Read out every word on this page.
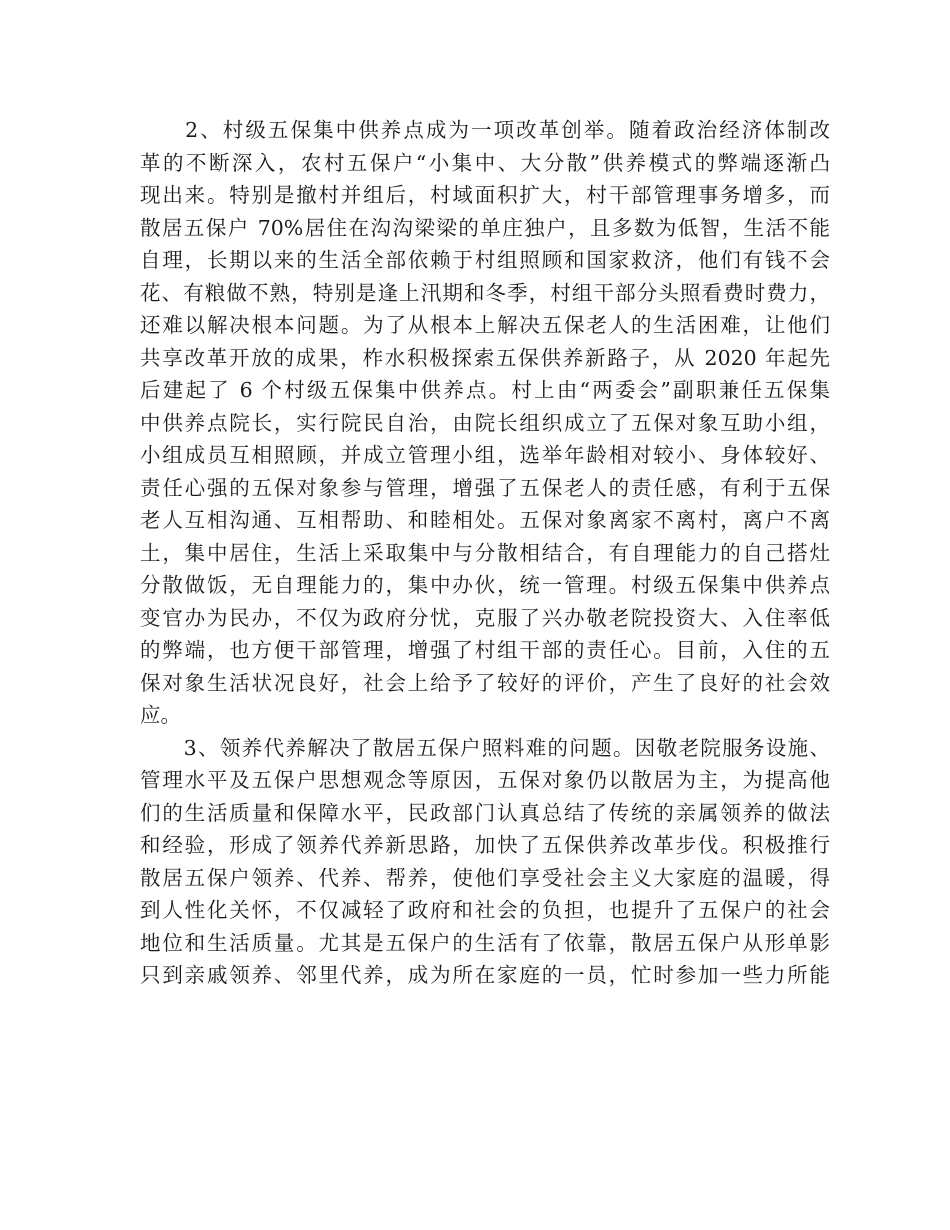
　　2、村级五保集中供养点成为一项改革创举。随着政治经济体制改
革的不断深入，农村五保户“小集中、大分散”供养模式的弊端逐渐凸
现出来。特别是撤村并组后，村域面积扩大，村干部管理事务增多，而
散居五保户 70%居住在沟沟梁梁的单庄独户，且多数为低智，生活不能
自理，长期以来的生活全部依赖于村组照顾和国家救济，他们有钱不会
花、有粮做不熟，特别是逢上汛期和冬季，村组干部分头照看费时费力，
还难以解决根本问题。为了从根本上解决五保老人的生活困难，让他们
共享改革开放的成果，柞水积极探索五保供养新路子，从 2020 年起先
后建起了 6 个村级五保集中供养点。村上由“两委会”副职兼任五保集
中供养点院长，实行院民自治，由院长组织成立了五保对象互助小组，
小组成员互相照顾，并成立管理小组，选举年龄相对较小、身体较好、
责任心强的五保对象参与管理，增强了五保老人的责任感，有利于五保
老人互相沟通、互相帮助、和睦相处。五保对象离家不离村，离户不离
土，集中居住，生活上采取集中与分散相结合，有自理能力的自己搭灶
分散做饭，无自理能力的，集中办伙，统一管理。村级五保集中供养点
变官办为民办，不仅为政府分忧，克服了兴办敬老院投资大、入住率低
的弊端，也方便干部管理，增强了村组干部的责任心。目前，入住的五
保对象生活状况良好，社会上给予了较好的评价，产生了良好的社会效
应。
　　3、领养代养解决了散居五保户照料难的问题。因敬老院服务设施、
管理水平及五保户思想观念等原因，五保对象仍以散居为主，为提高他
们的生活质量和保障水平，民政部门认真总结了传统的亲属领养的做法
和经验，形成了领养代养新思路，加快了五保供养改革步伐。积极推行
散居五保户领养、代养、帮养，使他们享受社会主义大家庭的温暖，得
到人性化关怀，不仅减轻了政府和社会的负担，也提升了五保户的社会
地位和生活质量。尤其是五保户的生活有了依靠，散居五保户从形单影
只到亲戚领养、邻里代养，成为所在家庭的一员，忙时参加一些力所能
